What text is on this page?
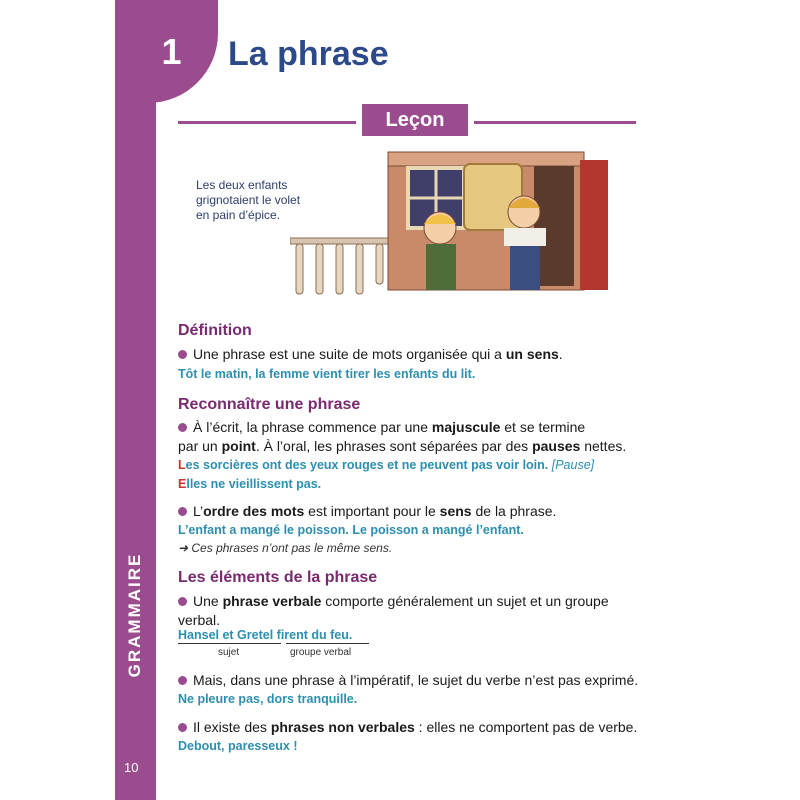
GRAMMAIRE
10
1 La phrase
Leçon
Les deux enfants
grignotaient le volet
en pain d’épice.
Définition
Une phrase est une suite de mots organisée qui a un sens.
Tôt le matin, la femme vient tirer les enfants du lit.
Reconnaître une phrase
À l’écrit, la phrase commence par une majuscule et se termine
par un point. À l’oral, les phrases sont séparées par des pauses nettes.
Les sorcières ont des yeux rouges et ne peuvent pas voir loin. [Pause]
Elles ne vieillissent pas.
L’ordre des mots est important pour le sens de la phrase.
L’enfant a mangé le poisson. Le poisson a mangé l’enfant.
➜ Ces phrases n’ont pas le même sens.
Les éléments de la phrase
Une phrase verbale comporte généralement un sujet et un groupe
verbal.
Hansel et Gretel firent du feu.
sujet	groupe verbal
Mais, dans une phrase à l’impératif, le sujet du verbe n’est pas exprimé.
Ne pleure pas, dors tranquille.
Il existe des phrases non verbales : elles ne comportent pas de verbe.
Debout, paresseux !
